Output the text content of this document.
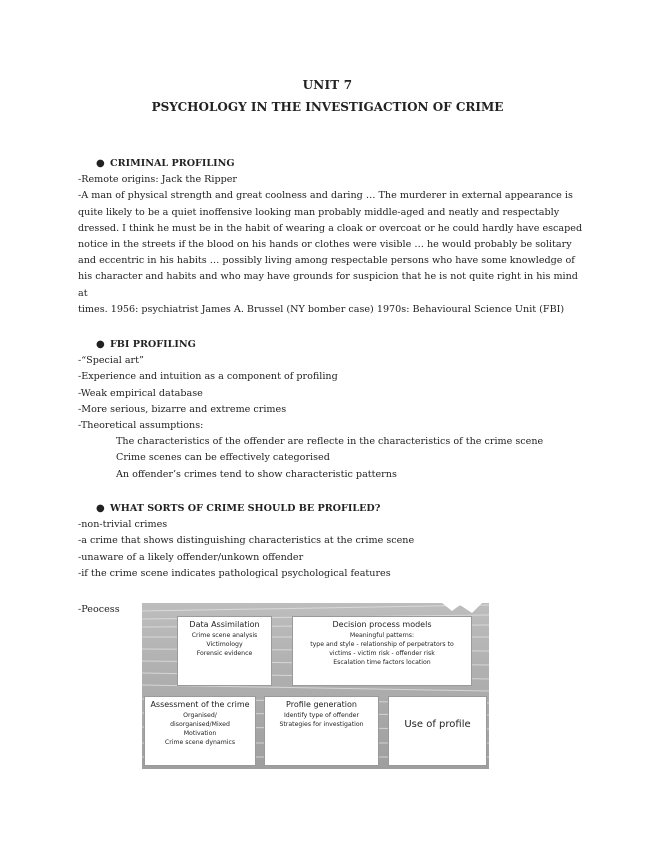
UNIT 7
PSYCHOLOGY IN THE INVESTIGACTION OF CRIME
● CRIMINAL PROFILING
-Remote origins: Jack the Ripper
-A man of physical strength and great coolness and daring … The murderer in external appearance is
quite likely to be a quiet inoffensive looking man probably middle-aged and neatly and respectably
dressed. I think he must be in the habit of wearing a cloak or overcoat or he could hardly have escaped
notice in the streets if the blood on his hands or clothes were visible … he would probably be solitary
and eccentric in his habits … possibly living among respectable persons who have some knowledge of
his character and habits and who may have grounds for suspicion that he is not quite right in his mind
at
times. 1956: psychiatrist James A. Brussel (NY bomber case) 1970s: Behavioural Science Unit (FBI)
● FBI PROFILING
-“Special art”
-Experience and intuition as a component of profiling
-Weak empirical database
-More serious, bizarre and extreme crimes
-Theoretical assumptions:
The characteristics of the offender are reflecte in the characteristics of the crime scene
Crime scenes can be effectively categorised
An offender’s crimes tend to show characteristic patterns
● WHAT SORTS OF CRIME SHOULD BE PROFILED?
-non-trivial crimes
-a crime that shows distinguishing characteristics at the crime scene
-unaware of a likely offender/unkown offender
-if the crime scene indicates pathological psychological features
-Peocess
Data Assimilation
Crime scene analysis
Victimology
Forensic evidence
Decision process models
Meaningful patterns:
type and style - relationship of perpetrators to
victims - victim risk - offender risk
Escalation time factors location
Assessment of the crime
Organised/
disorganised/Mixed
Motivation
Crime scene dynamics
Profile generation
Identify type of offender
Strategies for investigation	Use of profile
